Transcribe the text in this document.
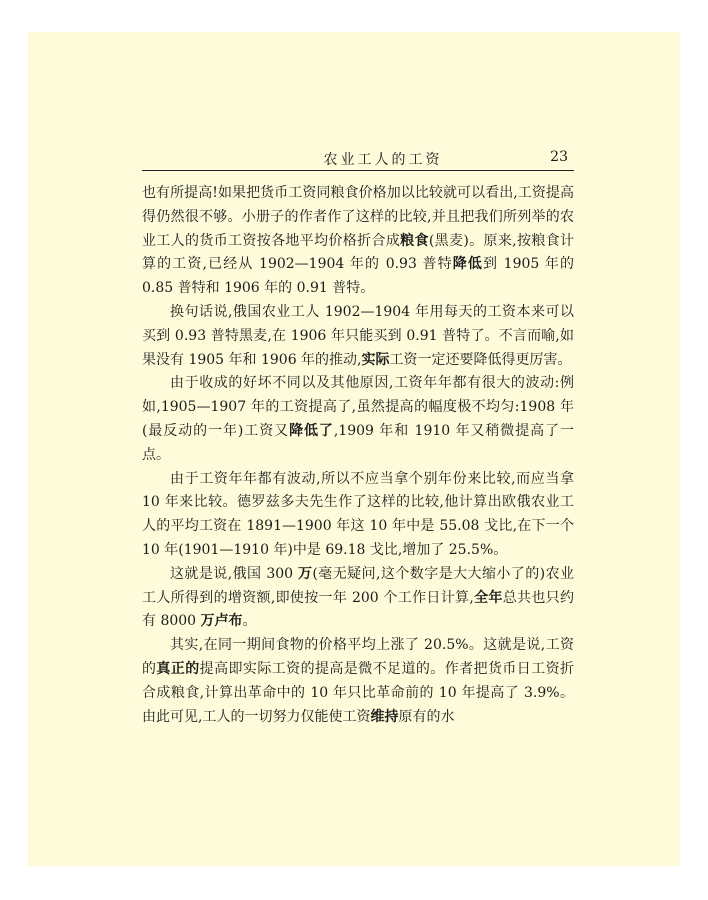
农业工人的工资	23

也有所提高!如果把货币工资同粮食价格加以比较就可以看出,工资提高得仍然很不够。小册子的作者作了这样的比较,并且把我们所列举的农业工人的货币工资按各地平均价格折合成粮食(黑麦)。原来,按粮食计算的工资,已经从 1902—1904 年的 0.93 普特降低到 1905 年的 0.85 普特和 1906 年的 0.91 普特。

换句话说,俄国农业工人 1902—1904 年用每天的工资本来可以买到 0.93 普特黑麦,在 1906 年只能买到 0.91 普特了。不言而喻,如果没有 1905 年和 1906 年的推动,实际工资一定还要降低得更厉害。

由于收成的好坏不同以及其他原因,工资年年都有很大的波动:例如,1905—1907 年的工资提高了,虽然提高的幅度极不均匀:1908 年(最反动的一年)工资又降低了,1909 年和 1910 年又稍微提高了一点。

由于工资年年都有波动,所以不应当拿个别年份来比较,而应当拿 10 年来比较。德罗兹多夫先生作了这样的比较,他计算出欧俄农业工人的平均工资在 1891—1900 年这 10 年中是 55.08 戈比,在下一个 10 年(1901—1910 年)中是 69.18 戈比,增加了 25.5%。

这就是说,俄国 300 万(毫无疑问,这个数字是大大缩小了的)农业工人所得到的增资额,即使按一年 200 个工作日计算,全年总共也只约有 8000 万卢布。

其实,在同一期间食物的价格平均上涨了 20.5%。这就是说,工资的真正的提高即实际工资的提高是微不足道的。作者把货币日工资折合成粮食,计算出革命中的 10 年只比革命前的 10 年提高了 3.9%。由此可见,工人的一切努力仅能使工资维持原有的水
